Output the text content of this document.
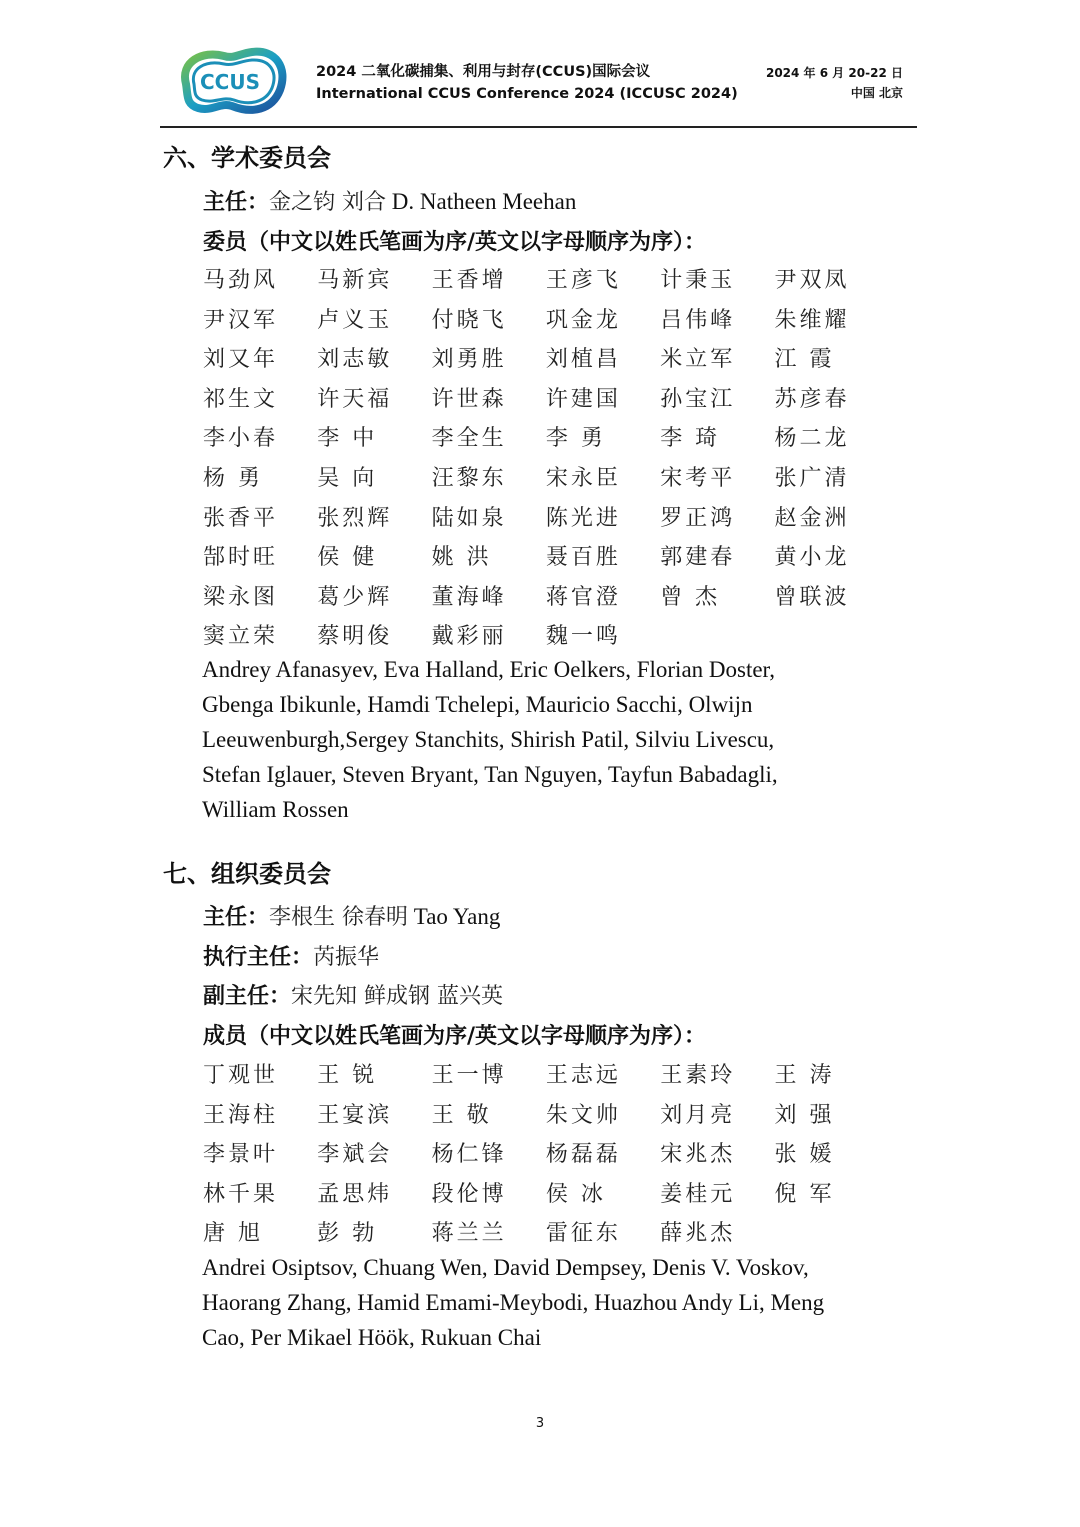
CCUS	2024 二氧化碳捕集、利用与封存(CCUS)国际会议
International CCUS Conference 2024 (ICCUSC 2024)
2024 年 6 月 20-22 日
中国 北京
六、学术委员会
主任：金之钧 刘合 D. Natheen Meehan
委员（中文以姓氏笔画为序/英文以字母顺序为序）：
马劲风 马新宾 王香增 王彦飞 计秉玉 尹双凤
尹汉军 卢义玉 付晓飞 巩金龙 吕伟峰 朱维耀
刘又年 刘志敏 刘勇胜 刘植昌 米立军 江 霞
祁生文 许天福 许世森 许建国 孙宝江 苏彦春
李小春 李 中 李全生 李 勇 李 琦 杨二龙
杨 勇 吴 向 汪黎东 宋永臣 宋考平 张广清
张香平 张烈辉 陆如泉 陈光进 罗正鸿 赵金洲
郜时旺 侯 健 姚 洪 聂百胜 郭建春 黄小龙
梁永图 葛少辉 董海峰 蒋官澄 曾 杰 曾联波
窦立荣 蔡明俊 戴彩丽 魏一鸣
Andrey Afanasyev, Eva Halland, Eric Oelkers, Florian Doster,
Gbenga Ibikunle, Hamdi Tchelepi, Mauricio Sacchi, Olwijn
Leeuwenburgh,Sergey Stanchits, Shirish Patil, Silviu Livescu,
Stefan Iglauer, Steven Bryant, Tan Nguyen, Tayfun Babadagli,
William Rossen
七、组织委员会
主任：李根生 徐春明 Tao Yang
执行主任：芮振华
副主任：宋先知 鲜成钢 蓝兴英
成员（中文以姓氏笔画为序/英文以字母顺序为序）：
丁观世 王 锐 王一博 王志远 王素玲 王 涛
王海柱 王宴滨 王 敬 朱文帅 刘月亮 刘 强
李景叶 李斌会 杨仁锋 杨磊磊 宋兆杰 张 媛
林千果 孟思炜 段伦博 侯 冰 姜桂元 倪 军
唐 旭 彭 勃 蒋兰兰 雷征东 薛兆杰
Andrei Osiptsov, Chuang Wen, David Dempsey, Denis V. Voskov,
Haorang Zhang, Hamid Emami-Meybodi, Huazhou Andy Li, Meng
Cao, Per Mikael Höök, Rukuan Chai
3
